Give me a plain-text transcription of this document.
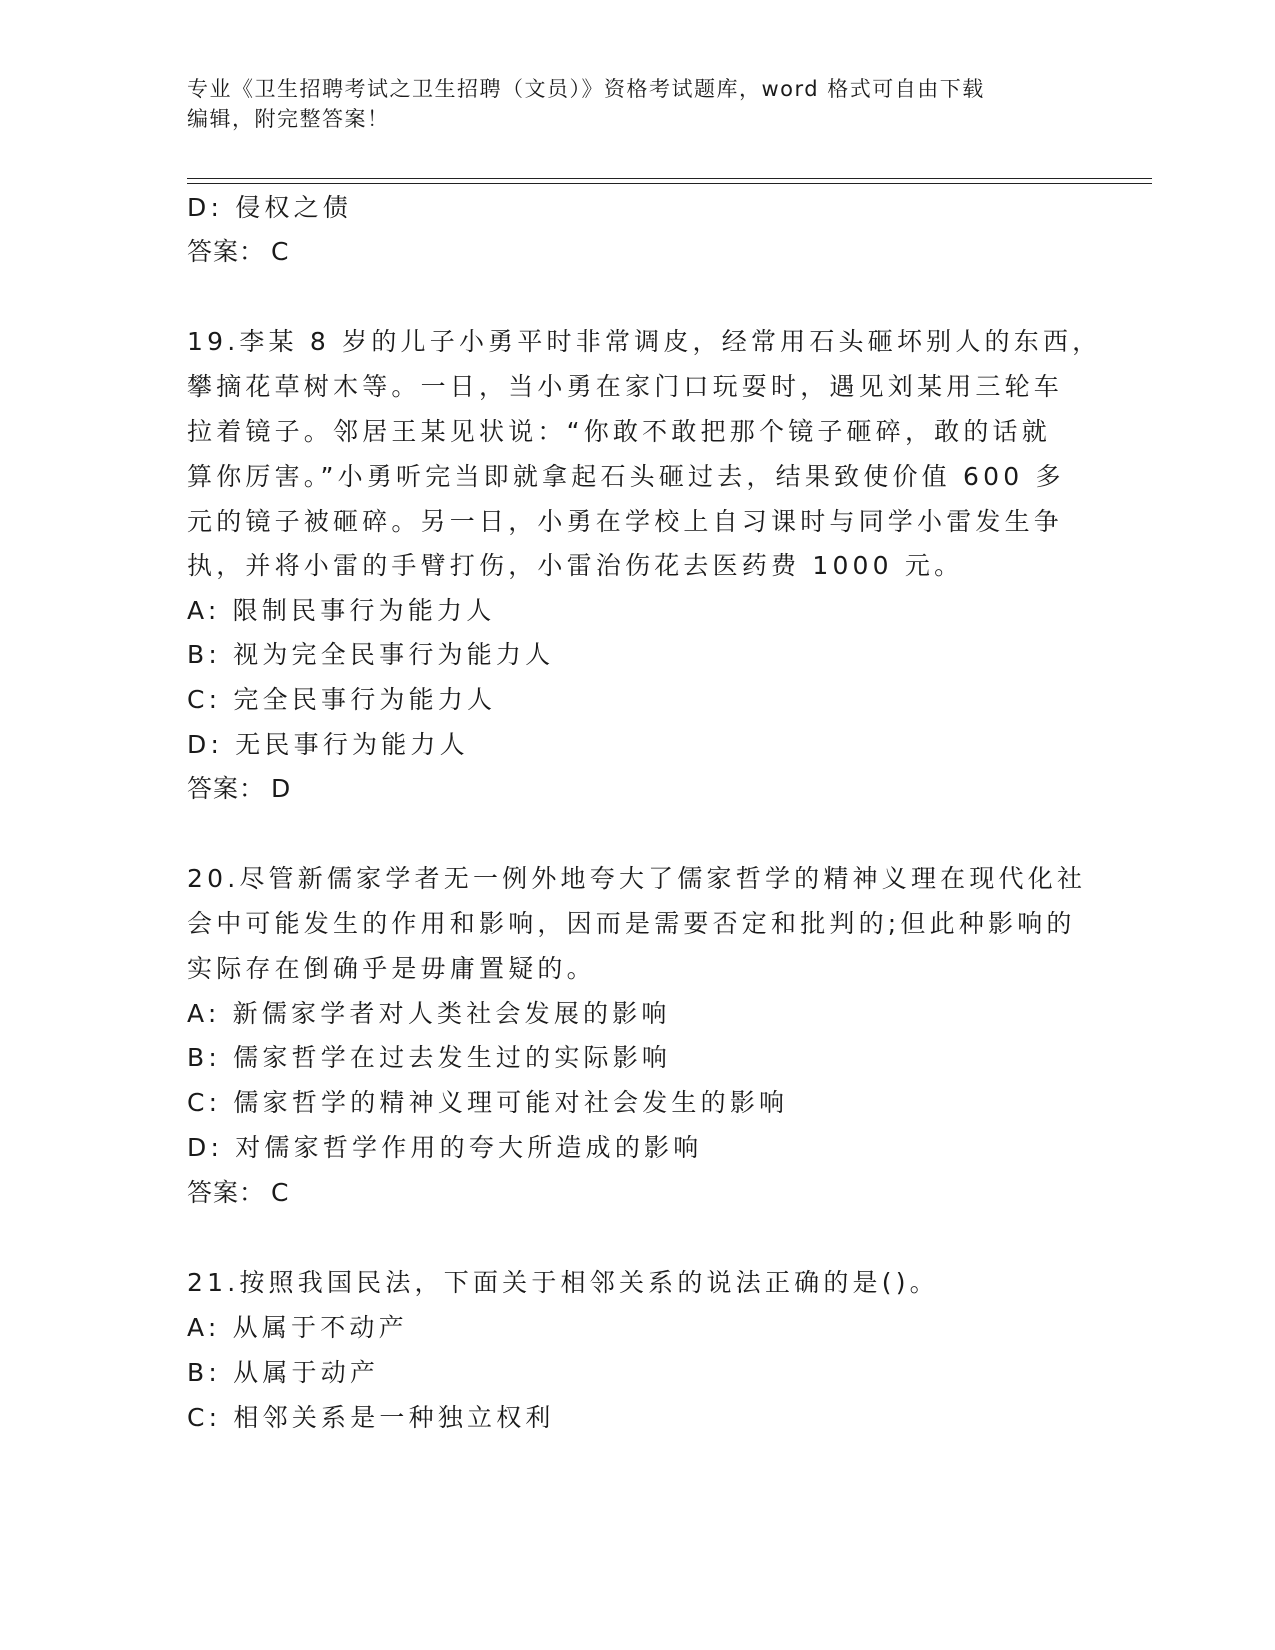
专业《卫生招聘考试之卫生招聘（文员）》资格考试题库，word 格式可自由下载
编辑，附完整答案！
D: 侵权之债
答案： C
19.李某 8 岁的儿子小勇平时非常调皮，经常用石头砸坏别人的东西，
攀摘花草树木等。一日，当小勇在家门口玩耍时，遇见刘某用三轮车
拉着镜子。邻居王某见状说：“你敢不敢把那个镜子砸碎，敢的话就
算你厉害。”小勇听完当即就拿起石头砸过去，结果致使价值 600 多
元的镜子被砸碎。另一日，小勇在学校上自习课时与同学小雷发生争
执，并将小雷的手臂打伤，小雷治伤花去医药费 1000 元。
A: 限制民事行为能力人
B: 视为完全民事行为能力人
C: 完全民事行为能力人
D: 无民事行为能力人
答案： D
20.尽管新儒家学者无一例外地夸大了儒家哲学的精神义理在现代化社
会中可能发生的作用和影响，因而是需要否定和批判的;但此种影响的
实际存在倒确乎是毋庸置疑的。
A: 新儒家学者对人类社会发展的影响
B: 儒家哲学在过去发生过的实际影响
C: 儒家哲学的精神义理可能对社会发生的影响
D: 对儒家哲学作用的夸大所造成的影响
答案： C
21.按照我国民法，下面关于相邻关系的说法正确的是()。
A: 从属于不动产
B: 从属于动产
C: 相邻关系是一种独立权利
